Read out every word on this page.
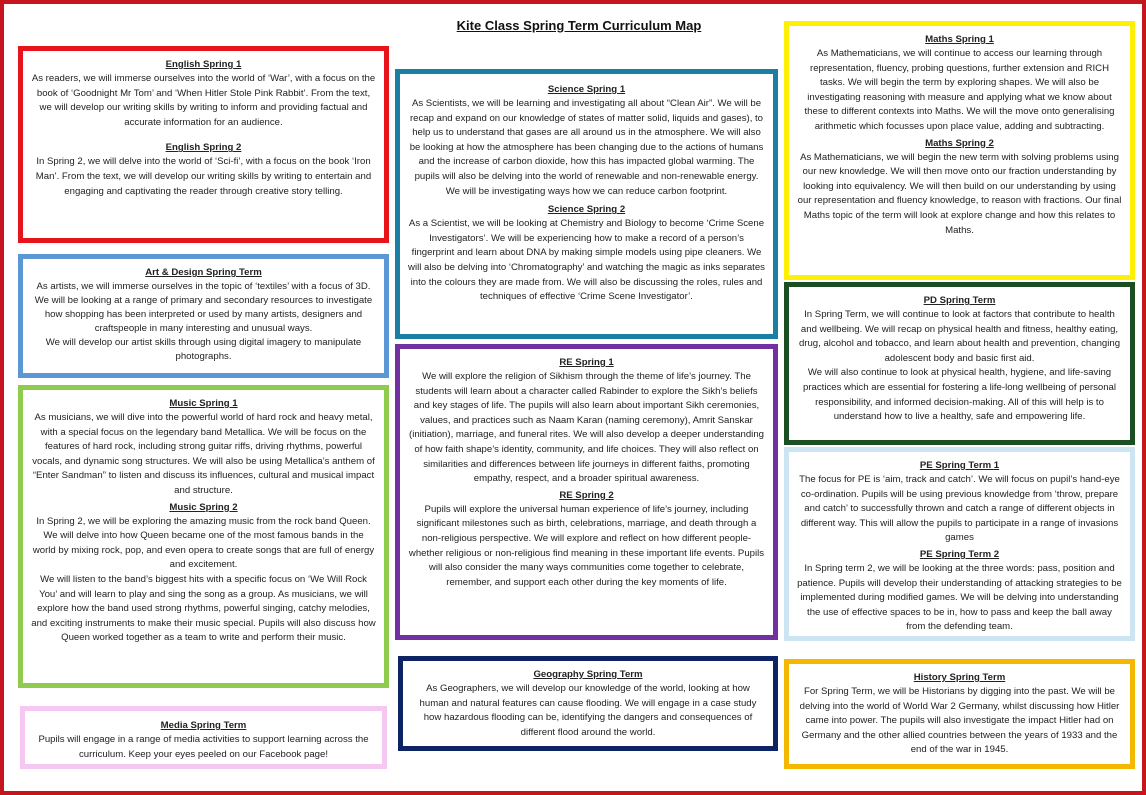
Kite Class Spring Term Curriculum Map
English Spring 1

As readers, we will immerse ourselves into the world of ‘War’, with a focus on the book of ‘Goodnight Mr Tom’ and ‘When Hitler Stole Pink Rabbit’. From the text, we will develop our writing skills by writing to inform and providing factual and accurate information for an audience.

English Spring 2

In Spring 2, we will delve into the world of ‘Sci-fi’, with a focus on the book ‘Iron Man’. From the text, we will develop our writing skills by writing to entertain and engaging and captivating the reader through creative story telling.

Art & Design Spring Term

As artists, we will immerse ourselves in the topic of ‘textiles’ with a focus of 3D. We will be looking at a range of primary and secondary resources to investigate how shopping has been interpreted or used by many artists, designers and craftspeople in many interesting and unusual ways.

We will develop our artist skills through using digital imagery to manipulate photographs.

Music Spring 1

As musicians, we will dive into the powerful world of hard rock and heavy metal, with a special focus on the legendary band Metallica. We will be focus on the features of hard rock, including strong guitar riffs, driving rhythms, powerful vocals, and dynamic song structures. We will also be using Metallica’s anthem of “Enter Sandman” to listen and discuss its influences, cultural and musical impact and structure.

Music Spring 2

In Spring 2, we will be exploring the amazing music from the rock band Queen. We will delve into how Queen became one of the most famous bands in the world by mixing rock, pop, and even opera to create songs that are full of energy and excitement.

We will listen to the band’s biggest hits with a specific focus on ‘We Will Rock You’ and will learn to play and sing the song as a group. As musicians, we will explore how the band used strong rhythms, powerful singing, catchy melodies, and exciting instruments to make their music special. Pupils will also discuss how Queen worked together as a team to write and perform their music.

Media Spring Term

Pupils will engage in a range of media activities to support learning across the curriculum. Keep your eyes peeled on our Facebook page!

Science Spring 1

As Scientists, we will be learning and investigating all about “Clean Air”. We will be recap and expand on our knowledge of states of matter solid, liquids and gases), to help us to understand that gases are all around us in the atmosphere. We will also be looking at how the atmosphere has been changing due to the actions of humans and the increase of carbon dioxide, how this has impacted global warming. The pupils will also be delving into the world of renewable and non-renewable energy. We will be investigating ways how we can reduce carbon footprint.

Science Spring 2

As a Scientist, we will be looking at Chemistry and Biology to become ‘Crime Scene Investigators’. We will be experiencing how to make a record of a person’s fingerprint and learn about DNA by making simple models using pipe cleaners. We will also be delving into ‘Chromatography’ and watching the magic as inks separates into the colours they are made from. We will also be discussing the roles, rules and techniques of effective ‘Crime Scene Investigator’.

RE Spring 1

We will explore the religion of Sikhism through the theme of life’s journey. The students will learn about a character called Rabinder to explore the Sikh’s beliefs and key stages of life. The pupils will also learn about important Sikh ceremonies, values, and practices such as Naam Karan (naming ceremony), Amrit Sanskar (initiation), marriage, and funeral rites. We will also develop a deeper understanding of how faith shape’s identity, community, and life choices. They will also reflect on similarities and differences between life journeys in different faiths, promoting empathy, respect, and a broader spiritual awareness.

RE Spring 2

Pupils will explore the universal human experience of life’s journey, including significant milestones such as birth, celebrations, marriage, and death through a non-religious perspective. We will explore and reflect on how different people-whether religious or non-religious find meaning in these important life events. Pupils will also consider the many ways communities come together to celebrate, remember, and support each other during the key moments of life.

Geography Spring Term

As Geographers, we will develop our knowledge of the world, looking at how human and natural features can cause flooding. We will engage in a case study how hazardous flooding can be, identifying the dangers and consequences of different flood around the world.

Maths Spring 1

As Mathematicians, we will continue to access our learning through representation, fluency, probing questions, further extension and RICH tasks. We will begin the term by exploring shapes. We will also be investigating reasoning with measure and applying what we know about these to different contexts into Maths. We will the move onto generalising arithmetic which focusses upon place value, adding and subtracting.

Maths Spring 2

As Mathematicians, we will begin the new term with solving problems using our new knowledge. We will then move onto our fraction understanding by looking into equivalency. We will then build on our understanding by using our representation and fluency knowledge, to reason with fractions. Our final Maths topic of the term will look at explore change and how this relates to Maths.

PD Spring Term

In Spring Term, we will continue to look at factors that contribute to health and wellbeing. We will recap on physical health and fitness, healthy eating, drug, alcohol and tobacco, and learn about health and prevention, changing adolescent body and basic first aid.

We will also continue to look at physical health, hygiene, and life-saving practices which are essential for fostering a life-long wellbeing of personal responsibility, and informed decision-making. All of this will help is to understand how to live a healthy, safe and empowering life.

PE Spring Term 1

The focus for PE is ‘aim, track and catch’. We will focus on pupil’s hand-eye co-ordination. Pupils will be using previous knowledge from ‘throw, prepare and catch’ to successfully thrown and catch a range of different objects in different way. This will allow the pupils to participate in a range of invasions games

PE Spring Term 2

In Spring term 2, we will be looking at the three words: pass, position and patience. Pupils will develop their understanding of attacking strategies to be implemented during modified games. We will be delving into understanding the use of effective spaces to be in, how to pass and keep the ball away from the defending team.

History Spring Term

For Spring Term, we will be Historians by digging into the past. We will be delving into the world of World War 2 Germany, whilst discussing how Hitler came into power. The pupils will also investigate the impact Hitler had on Germany and the other allied countries between the years of 1933 and the end of the war in 1945.
